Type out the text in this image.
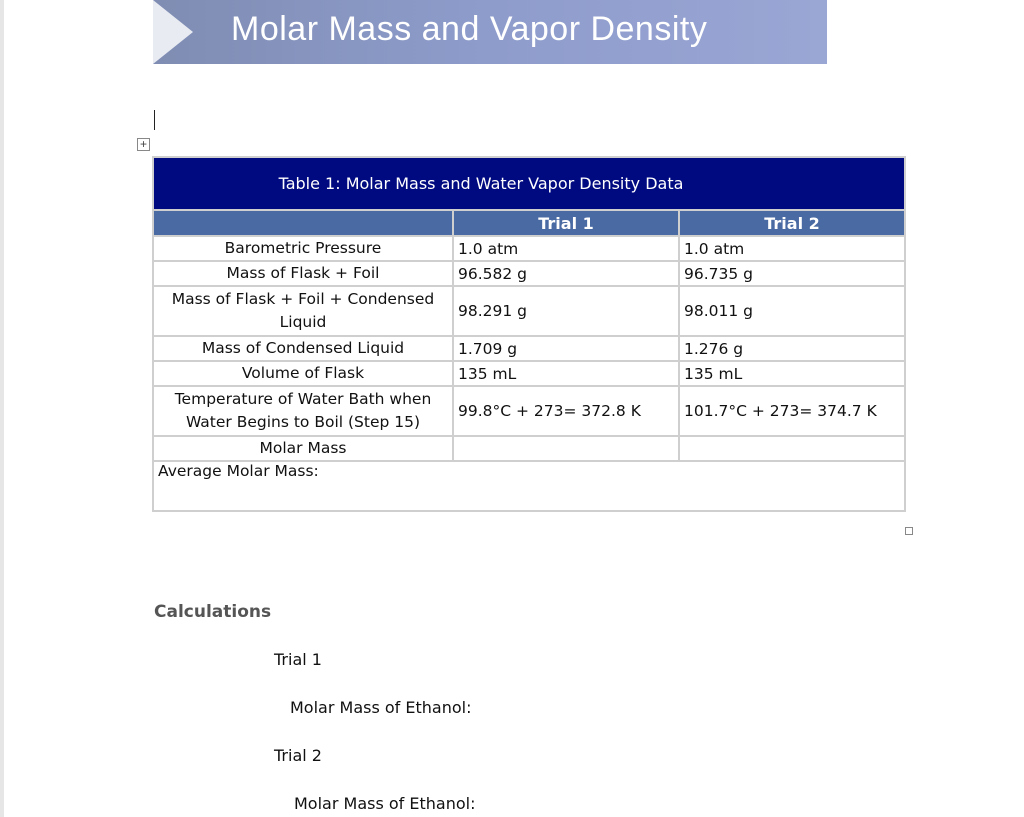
Molar Mass and Vapor Density
+
Table 1: Molar Mass and Water Vapor Density Data		
	Trial 1	Trial 2
Barometric Pressure	1.0 atm	1.0 atm
Mass of Flask + Foil	96.582 g	96.735 g
Mass of Flask + Foil + Condensed Liquid	98.291 g	98.011 g
Mass of Condensed Liquid	1.709 g	1.276 g
Volume of Flask	135 mL	135 mL
Temperature of Water Bath when Water Begins to Boil (Step 15)	99.8°C + 273= 372.8 K	101.7°C + 273= 374.7 K
Molar Mass		
Average Molar Mass:		
Calculations
Trial 1
Molar Mass of Ethanol:
Trial 2
Molar Mass of Ethanol:
